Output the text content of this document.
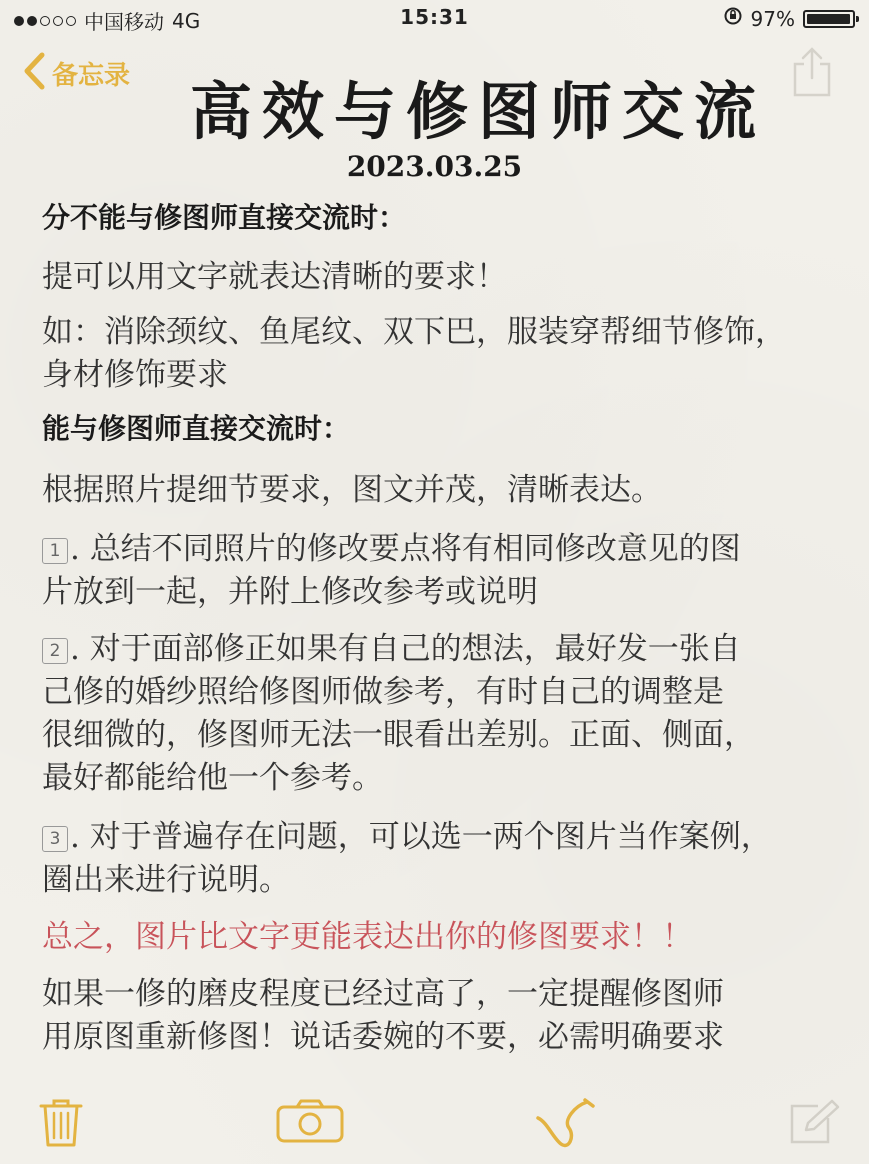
中国移动 4G	15:31	97%
备忘录 高效与修图师交流
2023.03.25

分不能与修图师直接交流时：

提可以用文字就表达清晰的要求！

如：消除颈纹、鱼尾纹、双下巴，服装穿帮细节修饰，

身材修饰要求

能与修图师直接交流时：

根据照片提细节要求，图文并茂，清晰表达。

1 . 总结不同照片的修改要点将有相同修改意见的图

片放到一起，并附上修改参考或说明

2 . 对于面部修正如果有自己的想法，最好发一张自

己修的婚纱照给修图师做参考，有时自己的调整是

很细微的，修图师无法一眼看出差别。正面、侧面，

最好都能给他一个参考。

3 . 对于普遍存在问题，可以选一两个图片当作案例，

圈出来进行说明。

总之，图片比文字更能表达出你的修图要求！！

如果一修的磨皮程度已经过高了，一定提醒修图师

用原图重新修图！说话委婉的不要，必需明确要求
